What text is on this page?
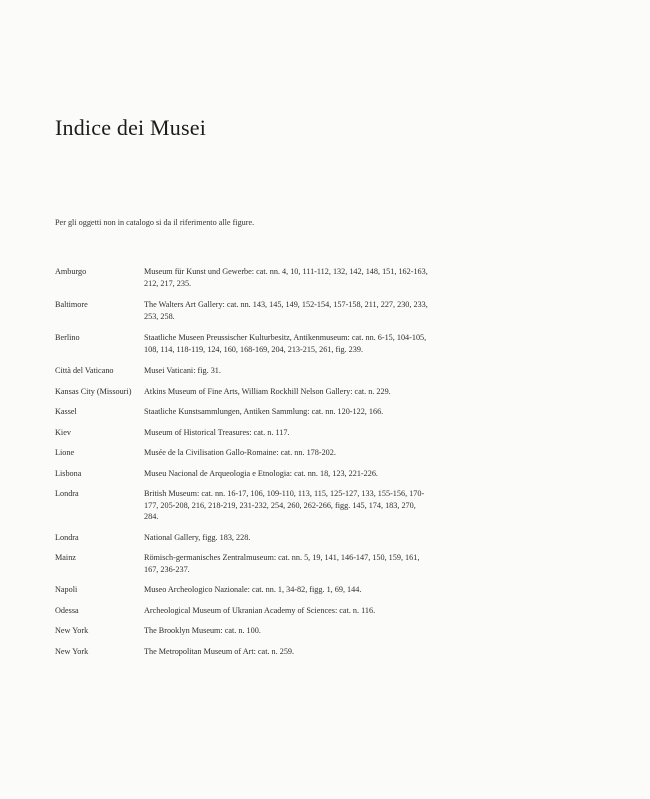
Indice dei Musei

Per gli oggetti non in catalogo si da il riferimento alle figure.

Amburgo	Museum für Kunst und Gewerbe: cat. nn. 4, 10, 111-112, 132, 142, 148, 151, 162-163, 212, 217, 235.
Baltimore	The Walters Art Gallery: cat. nn. 143, 145, 149, 152-154, 157-158, 211, 227, 230, 233, 253, 258.
Berlino	Staatliche Museen Preussischer Kulturbesitz, Antikenmuseum: cat. nn. 6-15, 104-105, 108, 114, 118-119, 124, 160, 168-169, 204, 213-215, 261, fig. 239.
Città del Vaticano	Musei Vaticani: fig. 31.
Kansas City (Missouri)	Atkins Museum of Fine Arts, William Rockhill Nelson Gallery: cat. n. 229.
Kassel	Staatliche Kunstsammlungen, Antiken Sammlung: cat. nn. 120-122, 166.
Kiev	Museum of Historical Treasures: cat. n. 117.
Lione	Musée de la Civilisation Gallo-Romaine: cat. nn. 178-202.
Lisbona	Museu Nacional de Arqueologia e Etnologia: cat. nn. 18, 123, 221-226.
Londra	British Museum: cat. nn. 16-17, 106, 109-110, 113, 115, 125-127, 133, 155-156, 170-177, 205-208, 216, 218-219, 231-232, 254, 260, 262-266, figg. 145, 174, 183, 270, 284.
Londra	National Gallery, figg. 183, 228.
Mainz	Römisch-germanisches Zentralmuseum: cat. nn. 5, 19, 141, 146-147, 150, 159, 161, 167, 236-237.
Napoli	Museo Archeologico Nazionale: cat. nn. 1, 34-82, figg. 1, 69, 144.
Odessa	Archeological Museum of Ukranian Academy of Sciences: cat. n. 116.
New York	The Brooklyn Museum: cat. n. 100.
New York	The Metropolitan Museum of Art: cat. n. 259.
